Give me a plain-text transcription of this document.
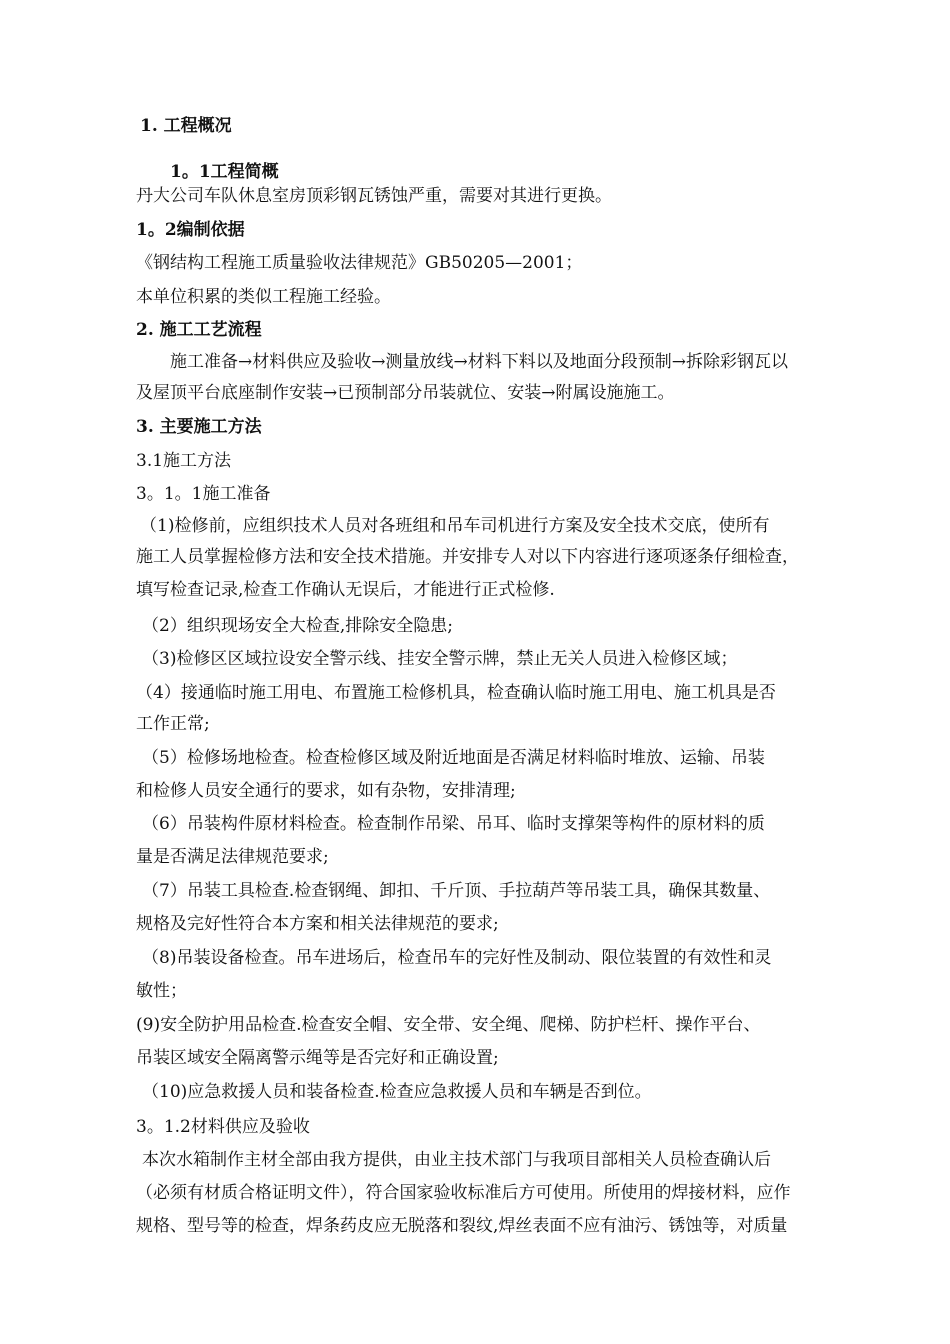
1. 工程概况
1。1工程简概
丹大公司车队休息室房顶彩钢瓦锈蚀严重，需要对其进行更换。
1。2编制依据
《钢结构工程施工质量验收法律规范》GB50205—2001；
本单位积累的类似工程施工经验。
2. 施工工艺流程
施工准备→材料供应及验收→测量放线→材料下料以及地面分段预制→拆除彩钢瓦以
及屋顶平台底座制作安装→已预制部分吊装就位、安装→附属设施施工。
3. 主要施工方法
3.1施工方法
3。1。1施工准备
（1)检修前，应组织技术人员对各班组和吊车司机进行方案及安全技术交底，使所有
施工人员掌握检修方法和安全技术措施。并安排专人对以下内容进行逐项逐条仔细检查，
填写检查记录,检查工作确认无误后，才能进行正式检修.
（2）组织现场安全大检查,排除安全隐患;
（3)检修区区域拉设安全警示线、挂安全警示牌，禁止无关人员进入检修区域；
（4）接通临时施工用电、布置施工检修机具，检查确认临时施工用电、施工机具是否
工作正常;
（5）检修场地检查。检查检修区域及附近地面是否满足材料临时堆放、运输、吊装
和检修人员安全通行的要求，如有杂物，安排清理;
（6）吊装构件原材料检查。检查制作吊梁、吊耳、临时支撑架等构件的原材料的质
量是否满足法律规范要求;
（7）吊装工具检查.检查钢绳、卸扣、千斤顶、手拉葫芦等吊装工具，确保其数量、
规格及完好性符合本方案和相关法律规范的要求;
（8)吊装设备检查。吊车进场后，检查吊车的完好性及制动、限位装置的有效性和灵
敏性；
(9)安全防护用品检查.检查安全帽、安全带、安全绳、爬梯、防护栏杆、操作平台、
吊装区域安全隔离警示绳等是否完好和正确设置;
（10)应急救援人员和装备检查.检查应急救援人员和车辆是否到位。
3。1.2材料供应及验收
本次水箱制作主材全部由我方提供，由业主技术部门与我项目部相关人员检查确认后
（必须有材质合格证明文件），符合国家验收标准后方可使用。所使用的焊接材料，应作
规格、型号等的检查，焊条药皮应无脱落和裂纹,焊丝表面不应有油污、锈蚀等，对质量
